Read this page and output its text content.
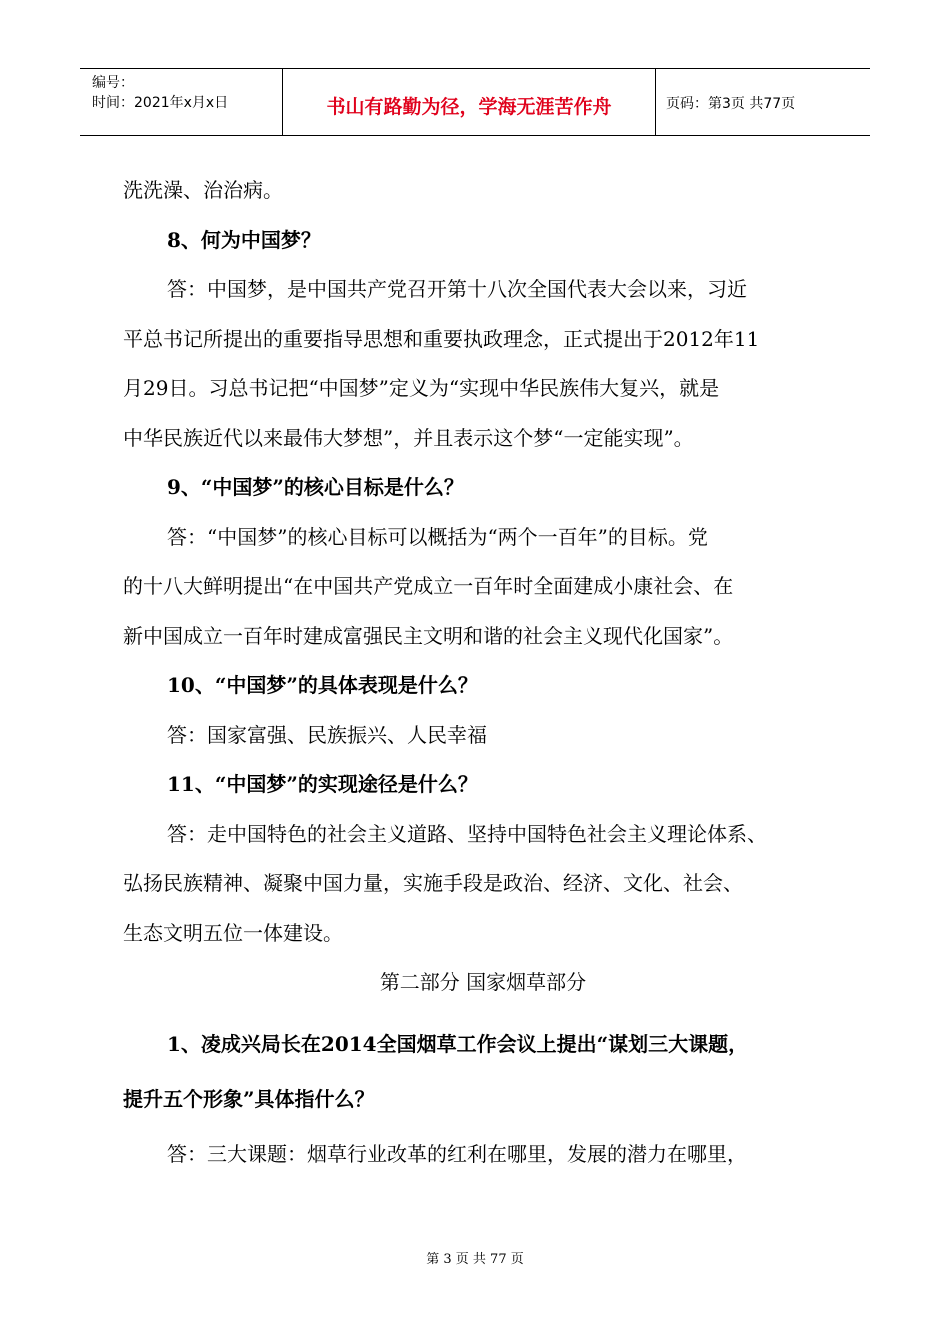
编号：
时间：2021年x月x日	书山有路勤为径，学海无涯苦作舟	页码：第3页 共77页
洗洗澡、治治病。
8、何为中国梦？
答：中国梦，是中国共产党召开第十八次全国代表大会以来，习近
平总书记所提出的重要指导思想和重要执政理念，正式提出于2012年11
月29日。习总书记把“中国梦”定义为“实现中华民族伟大复兴，就是
中华民族近代以来最伟大梦想”，并且表示这个梦“一定能实现”。
9、“中国梦”的核心目标是什么？
答：“中国梦”的核心目标可以概括为“两个一百年”的目标。党
的十八大鲜明提出“在中国共产党成立一百年时全面建成小康社会、在
新中国成立一百年时建成富强民主文明和谐的社会主义现代化国家”。
10、“中国梦”的具体表现是什么？
答：国家富强、民族振兴、人民幸福
11、“中国梦”的实现途径是什么？
答：走中国特色的社会主义道路、坚持中国特色社会主义理论体系、
弘扬民族精神、凝聚中国力量，实施手段是政治、经济、文化、社会、
生态文明五位一体建设。
第二部分 国家烟草部分
1、凌成兴局长在2014全国烟草工作会议上提出“谋划三大课题，
提升五个形象”具体指什么？
答：三大课题：烟草行业改革的红利在哪里，发展的潜力在哪里，
第 3 页 共 77 页
